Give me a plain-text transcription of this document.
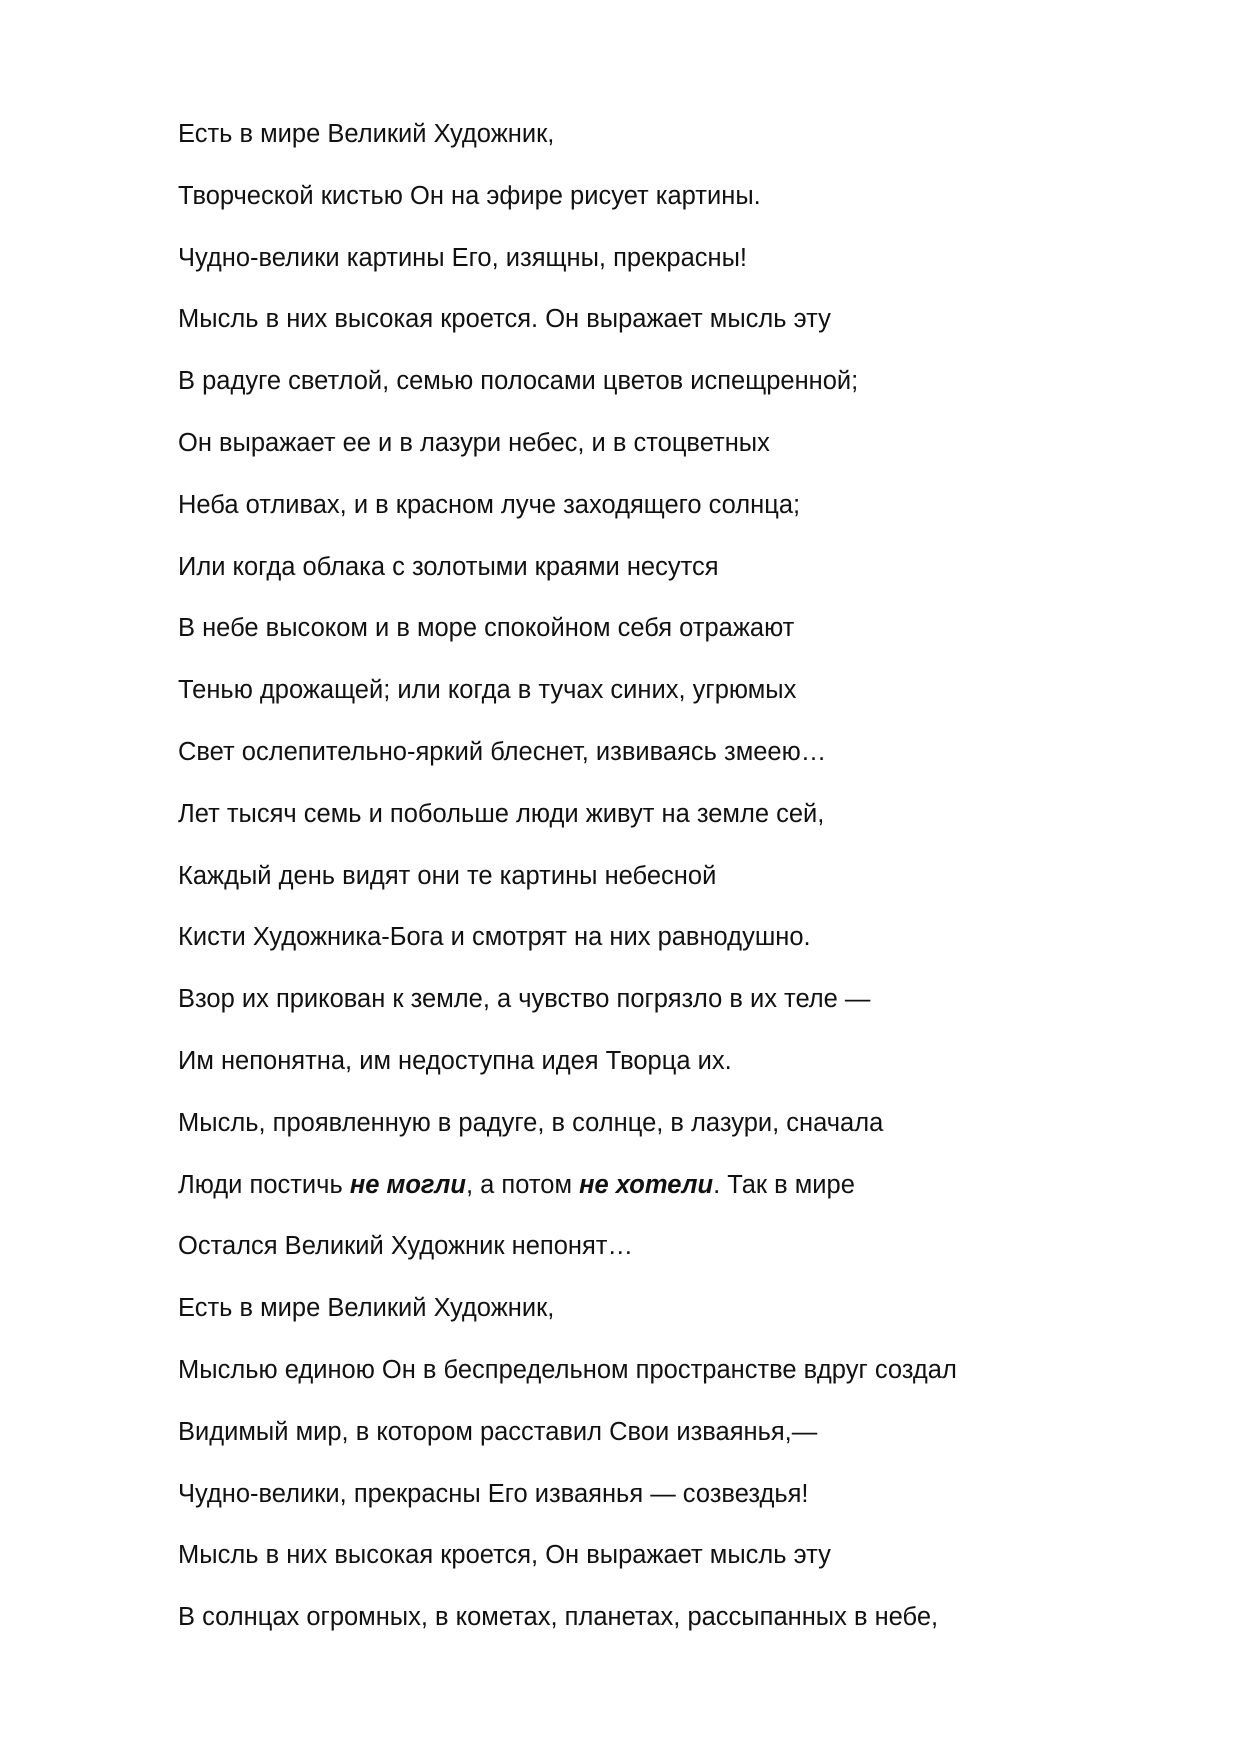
Есть в мире Великий Художник,
Творческой кистью Он на эфире рисует картины.
Чудно-велики картины Его, изящны, прекрасны!
Мысль в них высокая кроется. Он выражает мысль эту
В радуге светлой, семью полосами цветов испещренной;
Он выражает ее и в лазури небес, и в стоцветных
Неба отливах, и в красном луче заходящего солнца;
Или когда облака с золотыми краями несутся
В небе высоком и в море спокойном себя отражают
Тенью дрожащей; или когда в тучах синих, угрюмых
Свет ослепительно-яркий блеснет, извиваясь змеею…
Лет тысяч семь и побольше люди живут на земле сей,
Каждый день видят они те картины небесной
Кисти Художника-Бога и смотрят на них равнодушно.
Взор их прикован к земле, а чувство погрязло в их теле —
Им непонятна, им недоступна идея Творца их.
Мысль, проявленную в радуге, в солнце, в лазури, сначала
Люди постичь не могли, а потом не хотели. Так в мире
Остался Великий Художник непонят…
Есть в мире Великий Художник,
Мыслью единою Он в беспредельном пространстве вдруг создал
Видимый мир, в котором расставил Свои изваянья,—
Чудно-велики, прекрасны Его изваянья — созвездья!
Мысль в них высокая кроется, Он выражает мысль эту
В солнцах огромных, в кометах, планетах, рассыпанных в небе,
